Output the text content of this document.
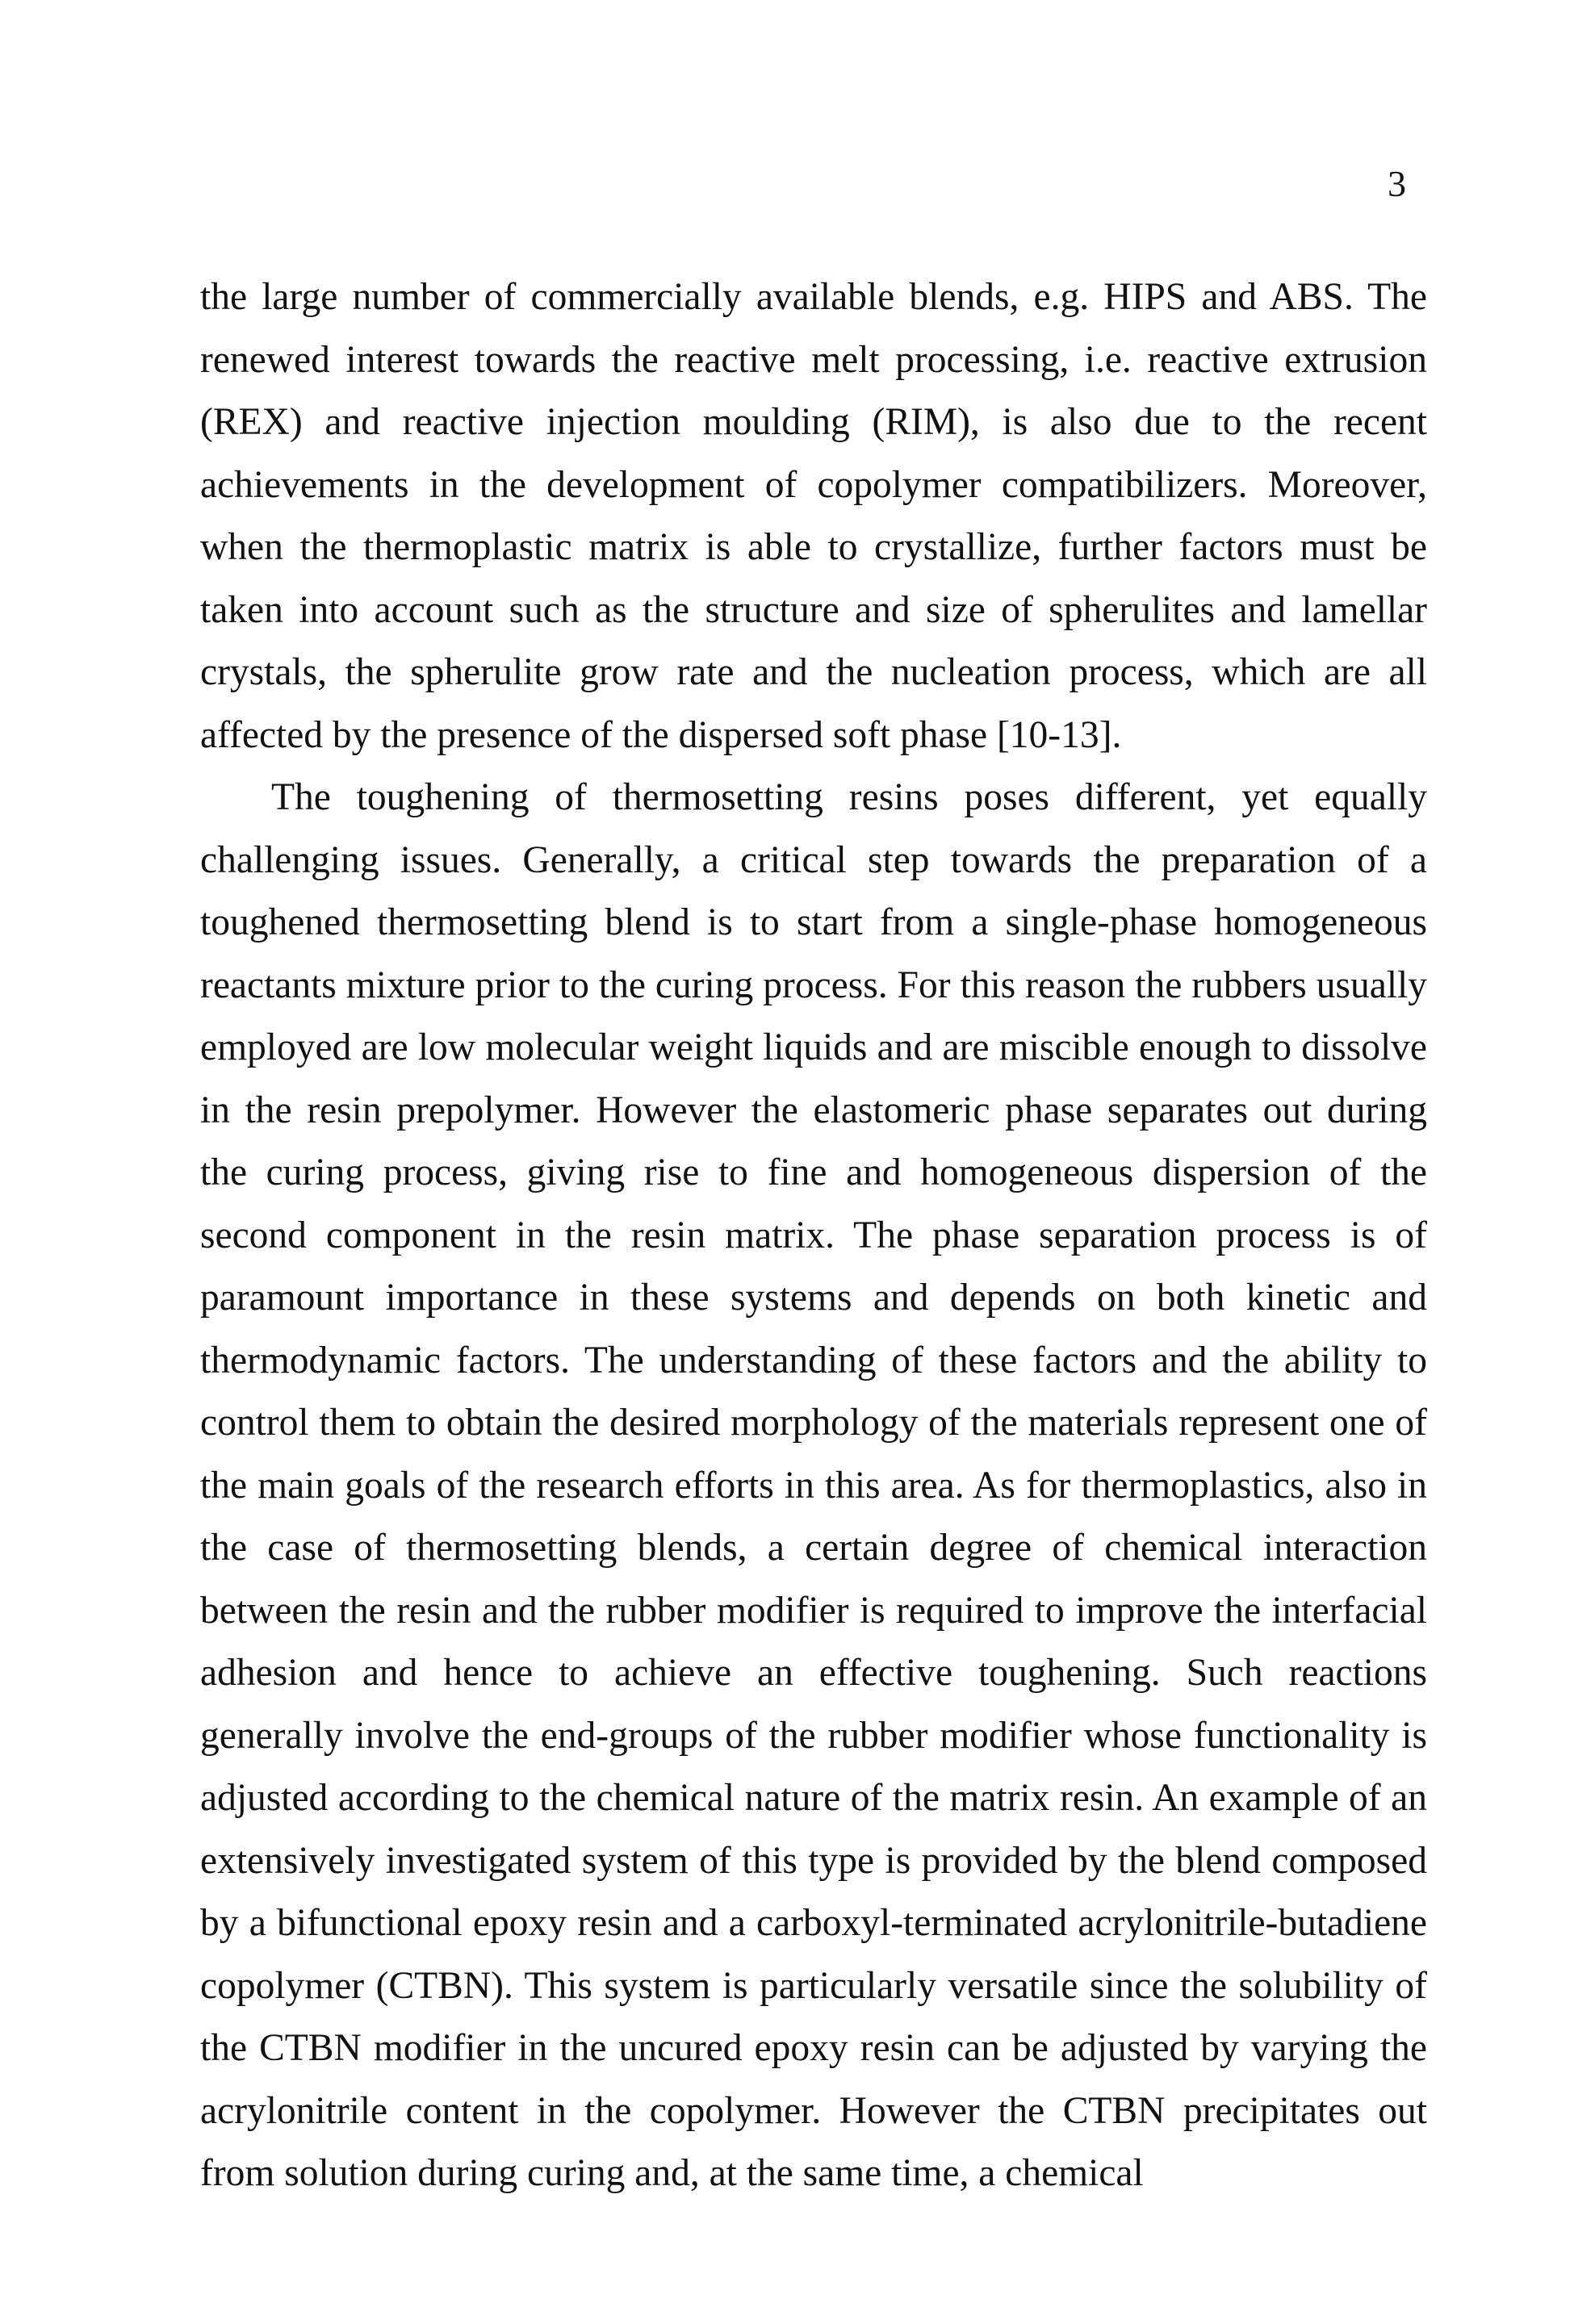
3

the large number of commercially available blends, e.g. HIPS and ABS. The renewed interest towards the reactive melt processing, i.e. reactive extrusion (REX) and reactive injection moulding (RIM), is also due to the recent achievements in the development of copolymer compatibilizers. Moreover, when the thermoplastic matrix is able to crystallize, further factors must be taken into account such as the structure and size of spherulites and lamellar crystals, the spherulite grow rate and the nucleation process, which are all affected by the presence of the dispersed soft phase [10-13].

The toughening of thermosetting resins poses different, yet equally challenging issues. Generally, a critical step towards the preparation of a toughened thermosetting blend is to start from a single-phase homogeneous reactants mixture prior to the curing process. For this reason the rubbers usually employed are low molecular weight liquids and are miscible enough to dissolve in the resin prepolymer. However the elastomeric phase separates out during the curing process, giving rise to fine and homogeneous dispersion of the second component in the resin matrix. The phase separation process is of paramount importance in these systems and depends on both kinetic and thermodynamic factors. The understanding of these factors and the ability to control them to obtain the desired morphology of the materials represent one of the main goals of the research efforts in this area. As for thermoplastics, also in the case of thermosetting blends, a certain degree of chemical interaction between the resin and the rubber modifier is required to improve the interfacial adhesion and hence to achieve an effective toughening. Such reactions generally involve the end-groups of the rubber modifier whose functionality is adjusted according to the chemical nature of the matrix resin. An example of an extensively investigated system of this type is provided by the blend composed by a bifunctional epoxy resin and a carboxyl-terminated acrylonitrile-butadiene copolymer (CTBN). This system is particularly versatile since the solubility of the CTBN modifier in the uncured epoxy resin can be adjusted by varying the acrylonitrile content in the copolymer. However the CTBN precipitates out from solution during curing and, at the same time, a chemical
